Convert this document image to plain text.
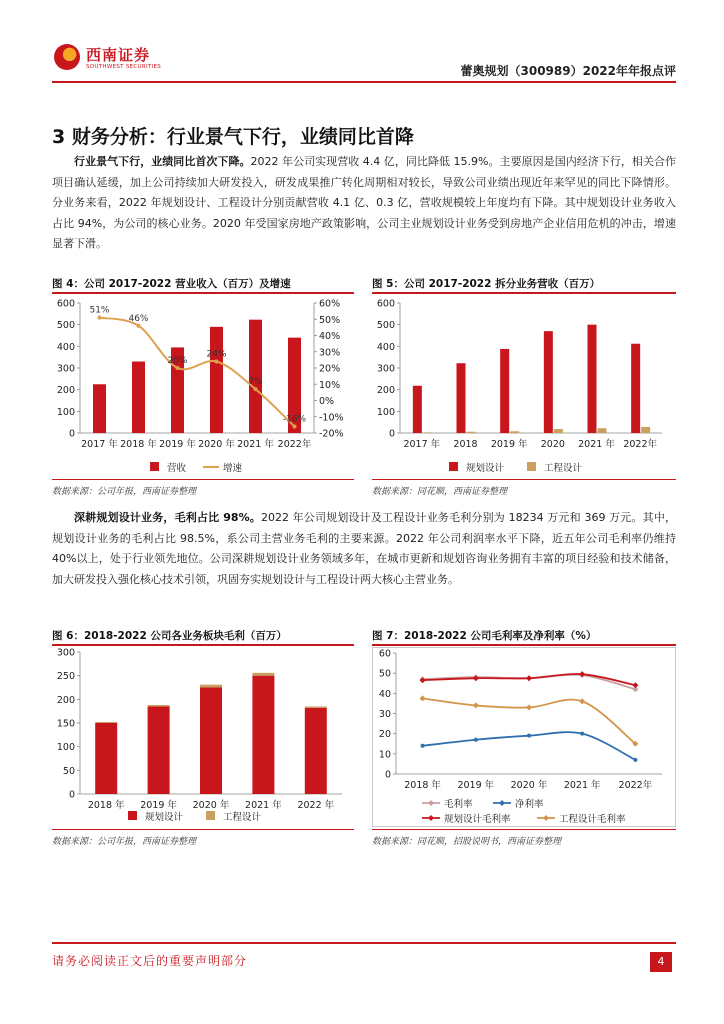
西南证券
SOUTHWEST SECURITIES	蕾奥规划（300989）2022年年报点评
3 财务分析：行业景气下行，业绩同比首降
行业景气下行，业绩同比首次下降。2022 年公司实现营收 4.4 亿，同比降低 15.9%。主要原因是国内经济下行，相关合作项目确认延缓，加上公司持续加大研发投入，研发成果推广转化周期相对较长，导致公司业绩出现近年来罕见的同比下降情形。分业务来看，2022 年规划设计、工程设计分别贡献营收 4.1 亿、0.3 亿，营收规模较上年度均有下降。其中规划设计业务收入占比 94%，为公司的核心业务。2020 年受国家房地产政策影响，公司主业规划设计业务受到房地产企业信用危机的冲击，增速显著下滑。
图 4：公司 2017-2022 营业收入（百万）及增速
0
100
200
300
400
500
600
-20%
-10%
0%
10%
20%
30%
40%
50%
60%
51%
46%
20%
24%
7%
-16%
2017 年 2018 年 2019 年 2020 年 2021 年 2022年
营收	增速
数据来源：公司年报，西南证券整理
图 5：公司 2017-2022 拆分业务营收（百万）
0
100
200
300
400
500
600
2017 年 2018 2019 年 2020 2021 年 2022年
规划设计	工程设计
数据来源：同花顺，西南证券整理
深耕规划设计业务，毛利占比 98%。2022 年公司规划设计及工程设计业务毛利分别为 18234 万元和 369 万元。其中，规划设计业务的毛利占比 98.5%，系公司主营业务毛利的主要来源。2022 年公司利润率水平下降，近五年公司毛利率仍维持 40%以上，处于行业领先地位。公司深耕规划设计业务领域多年，在城市更新和规划咨询业务拥有丰富的项目经验和技术储备，加大研发投入强化核心技术引领，巩固夯实规划设计与工程设计两大核心主营业务。
图 6：2018-2022 公司各业务板块毛利（百万）
0
50
100
150
200
250
300
2018 年 2019 年 2020 年 2021 年 2022 年
规划设计	工程设计
数据来源：公司年报，西南证券整理
图 7：2018-2022 公司毛利率及净利率（%）
0
10
20
30
40
50
60
2018 年 2019 年 2020 年 2021 年 2022年
毛利率	净利率
规划设计毛利率	工程设计毛利率
数据来源：同花顺，招股说明书，西南证券整理
请务必阅读正文后的重要声明部分	4
